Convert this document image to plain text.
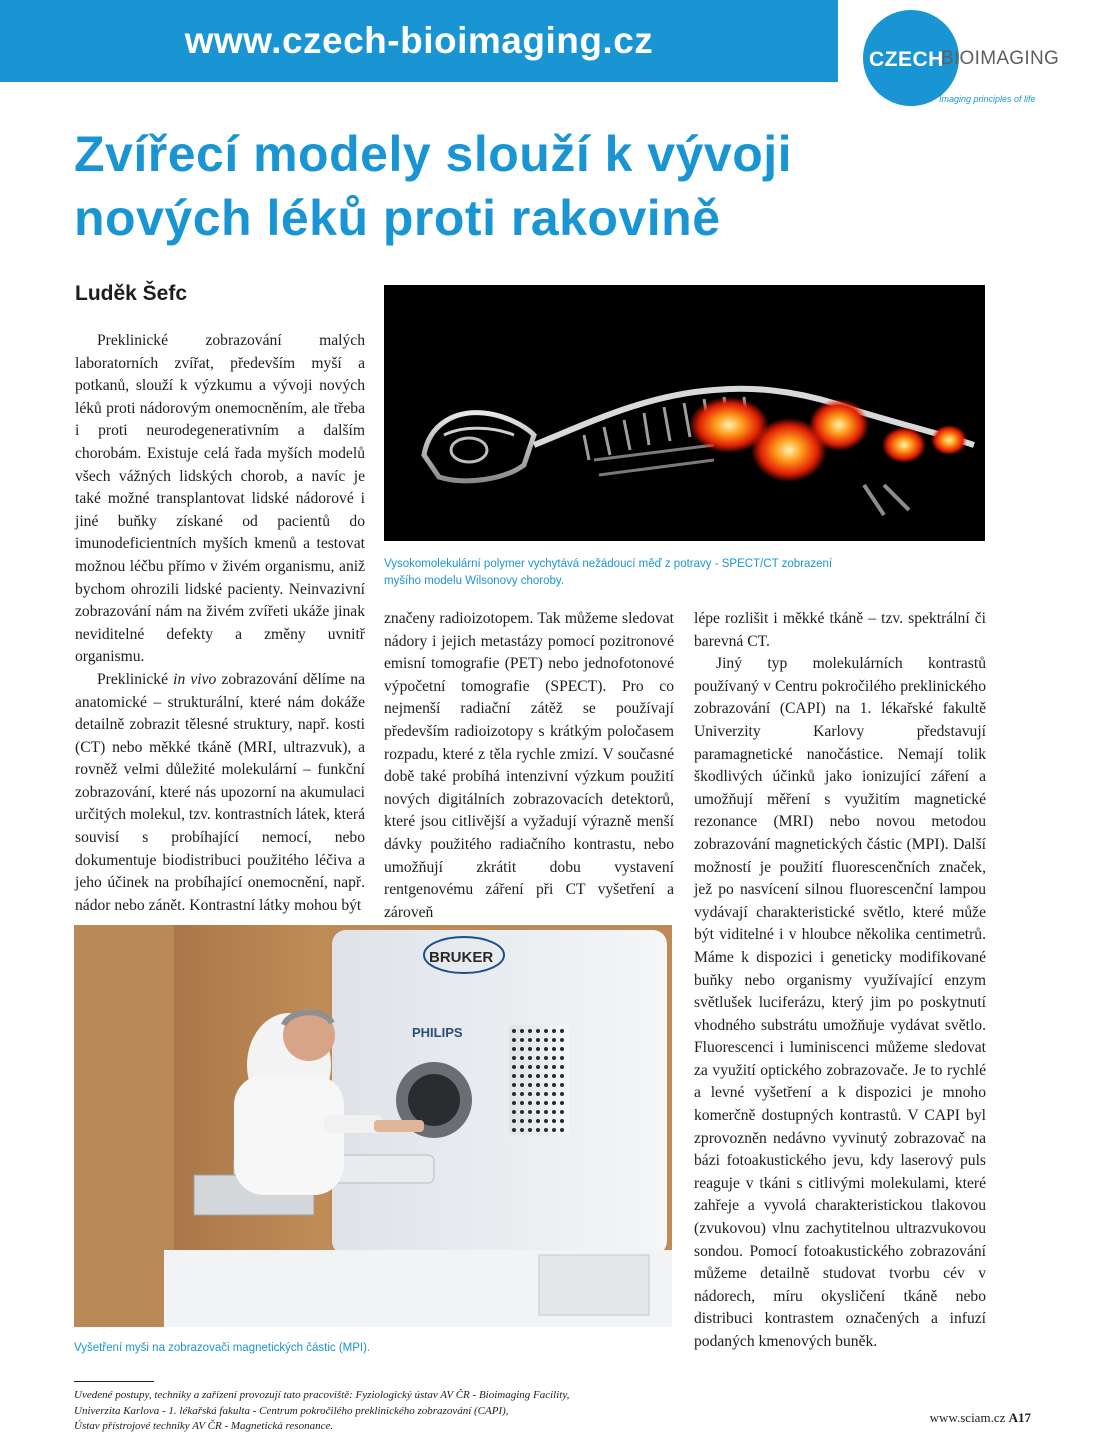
www.czech-bioimaging.cz	CZECH
BIOIMAGING
Imaging principles of life
Zvířecí modely slouží k vývoji
nových léků proti rakovině
Luděk Šefc
Vysokomolekulární polymer vychytává nežádoucí měď z potravy - SPECT/CT zobrazení myšího modelu Wilsonovy choroby.

Preklinické zobrazování malých laboratorních zvířat, především myší a potkanů, slouží k výzkumu a vývoji nových léků proti nádorovým onemocněním, ale třeba i proti neurodegenerativním a dalším chorobám. Existuje celá řada myších modelů všech vážných lidských chorob, a navíc je také možné transplantovat lidské nádorové i jiné buňky získané od pacientů do imunodeficientních myších kmenů a testovat možnou léčbu přímo v živém organismu, aniž bychom ohrozili lidské pacienty. Neinvazivní zobrazování nám na živém zvířeti ukáže jinak neviditelné defekty a změny uvnitř organismu.

Preklinické in vivo zobrazování dělíme na anatomické – strukturální, které nám dokáže detailně zobrazit tělesné struktury, např. kosti (CT) nebo měkké tkáně (MRI, ultrazvuk), a rovněž velmi důležité molekulární – funkční zobrazování, které nás upozorní na akumulaci určitých molekul, tzv. kontrastních látek, která souvisí s probíhající nemocí, nebo dokumentuje biodistribuci použitého léčiva a jeho účinek na probíhající onemocnění, např. nádor nebo zánět. Kontrastní látky mohou být

značeny radioizotopem. Tak můžeme sledovat nádory i jejich metastázy pomocí pozitronové emisní tomografie (PET) nebo jednofotonové výpočetní tomografie (SPECT). Pro co nejmenší radiační zátěž se používají především radioizotopy s krátkým poločasem rozpadu, které z těla rychle zmizí. V současné době také probíhá intenzivní výzkum použití nových digitálních zobrazovacích detektorů, které jsou citlivější a vyžadují výrazně menší dávky použitého radiačního kontrastu, nebo umožňují zkrátit dobu vystavení rentgenovému záření při CT vyšetření a zároveň

lépe rozlišit i měkké tkáně – tzv. spektrální či barevná CT.

Jiný typ molekulárních kontrastů používaný v Centru pokročilého preklinického zobrazování (CAPI) na 1. lékařské fakultě Univerzity Karlovy představují paramagnetické nanočástice. Nemají tolik škodlivých účinků jako ionizující záření a umožňují měření s využitím magnetické rezonance (MRI) nebo novou metodou zobrazování magnetických částic (MPI). Další možností je použití fluorescenčních značek, jež po nasvícení silnou fluorescenční lampou vydávají charakteristické světlo, které může být viditelné i v hloubce několika centimetrů. Máme k dispozici i geneticky modifikované buňky nebo organismy využívající enzym světlušek luciferázu, který jim po poskytnutí vhodného substrátu umožňuje vydávat světlo. Fluorescenci i luminiscenci můžeme sledovat za využití optického zobrazovače. Je to rychlé a levné vyšetření a k dispozici je mnoho komerčně dostupných kontrastů. V CAPI byl zprovozněn nedávno vyvinutý zobrazovač na bázi fotoakustického jevu, kdy laserový puls reaguje v tkáni s citlivými molekulami, které zahřeje a vyvolá charakteristickou tlakovou (zvukovou) vlnu zachytitelnou ultrazvukovou sondou. Pomocí fotoakustického zobrazování můžeme detailně studovat tvorbu cév v nádorech, míru okysličení tkáně nebo distribuci kontrastem označených a infuzí podaných kmenových buněk.

BRUKER
PHILIPS
Vyšetření myši na zobrazovači magnetických částic (MPI).

Uvedené postupy, techniky a zařízení provozují tato pracoviště: Fyziologický ústav AV ČR - Bioimaging Facility,
Univerzita Karlova - 1. lékařská fakulta - Centrum pokročilého preklinického zobrazování (CAPI),
Ústav přístrojové techniky AV ČR - Magnetická resonance.

www.sciam.cz A17
